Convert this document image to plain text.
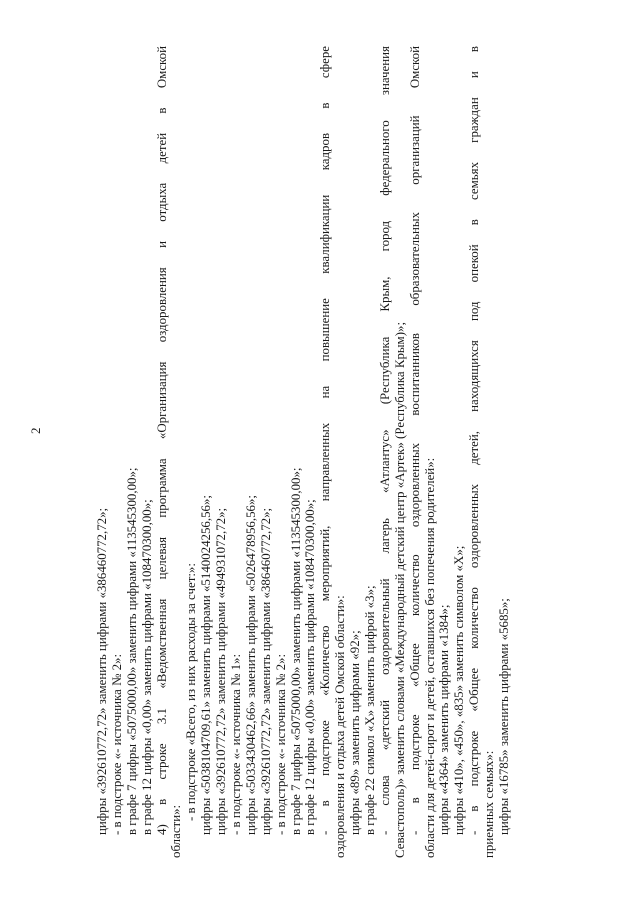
2
цифры «392610772,72» заменить цифрами «386460772,72»; - в подстроке «- источника № 2»: в графе 7 цифры «5075000,00» заменить цифрами «113545300,00»; в графе 12 цифры «0,00» заменить цифрами «108470300,00»; 4) в строке 3.1 «Ведомственная целевая программа «Организация оздоровления и отдыха детей в Омской области»:
- в подстроке «Всего, из них расходы за счет:»: цифры «5038104709,61» заменить цифрами «5140024256,56»; цифры «392610772,72» заменить цифрами «494931072,72»; - в подстроке «- источника № 1»: цифры «5033430462,66» заменить цифрами «5026478956,56»; цифры «392610772,72» заменить цифрами «386460772,72»; - в подстроке «- источника № 2»: в графе 7 цифры «5075000,00» заменить цифрами «113545300,00»; в графе 12 цифры «0,00» заменить цифрами «108470300,00»; - в подстроке «Количество мероприятий, направленных на повышение квалификации кадров в сфере оздоровления и отдыха детей Омской области»: цифры «89» заменить цифрами «92»; в графе 22 символ «Х» заменить цифрой «3»; - слова «детский оздоровительный лагерь «Атлантус» (Республика Крым, город федерального значения Севастополь)» заменить словами «Международный детский центр «Артек» (Республика Крым)»; - в подстроке «Общее количество оздоровленных воспитанников образовательных организаций Омской области для детей-сирот и детей, оставшихся без попечения родителей»: цифры «4364» заменить цифрами «1384»; цифры «410», «450», «835» заменить символом «Х»; - в подстроке «Общее количество оздоровленных детей, находящихся под опекой в семьях граждан и в приемных семьях»: цифры «16785» заменить цифрами «5685»;
